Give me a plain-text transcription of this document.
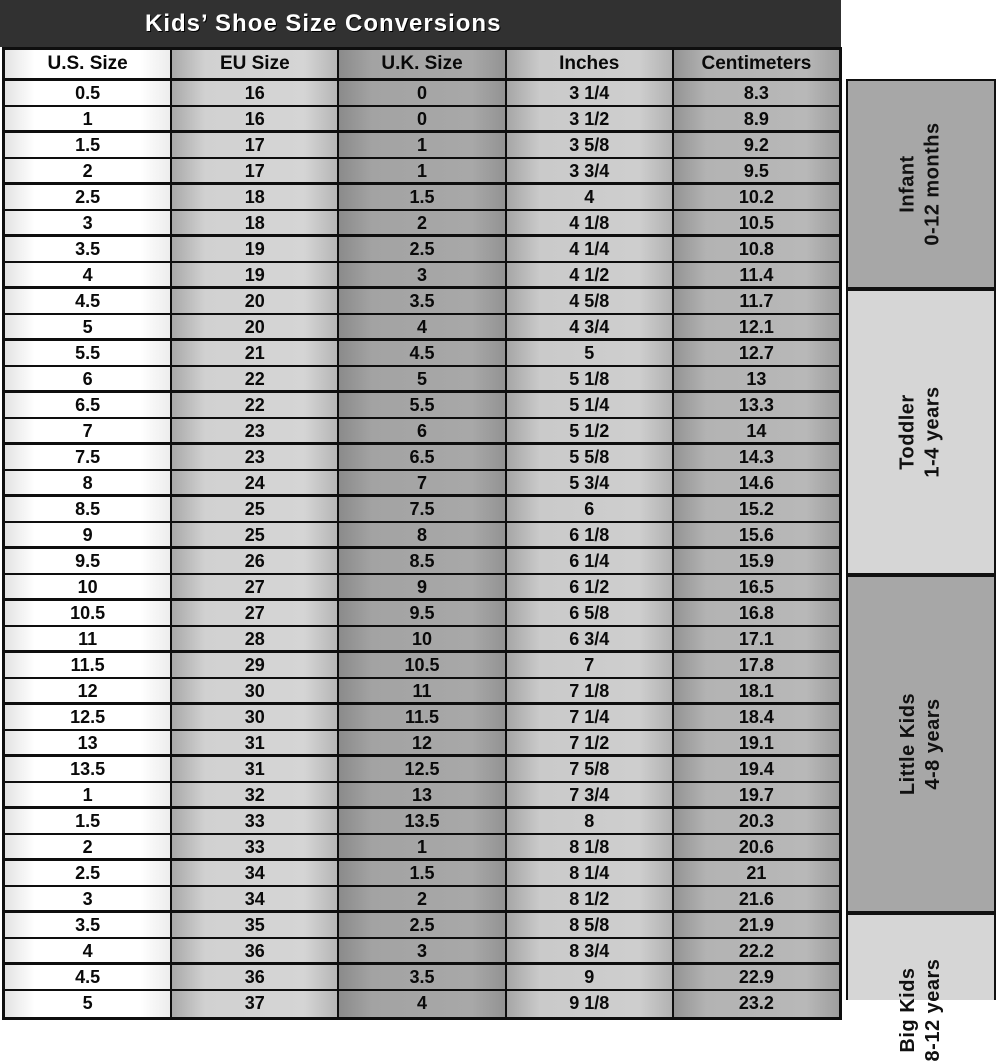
Kids’ Shoe Size Conversions
U.S. Size	EU Size	U.K. Size	Inches	Centimeters
0.5	16	0	3 1/4	8.3
1	16	0	3 1/2	8.9
1.5	17	1	3 5/8	9.2
2	17	1	3 3/4	9.5
2.5	18	1.5	4	10.2
3	18	2	4 1/8	10.5
3.5	19	2.5	4 1/4	10.8
4	19	3	4 1/2	11.4
4.5	20	3.5	4 5/8	11.7
5	20	4	4 3/4	12.1
5.5	21	4.5	5	12.7
6	22	5	5 1/8	13
6.5	22	5.5	5 1/4	13.3
7	23	6	5 1/2	14
7.5	23	6.5	5 5/8	14.3
8	24	7	5 3/4	14.6
8.5	25	7.5	6	15.2
9	25	8	6 1/8	15.6
9.5	26	8.5	6 1/4	15.9
10	27	9	6 1/2	16.5
10.5	27	9.5	6 5/8	16.8
11	28	10	6 3/4	17.1
11.5	29	10.5	7	17.8
12	30	11	7 1/8	18.1
12.5	30	11.5	7 1/4	18.4
13	31	12	7 1/2	19.1
13.5	31	12.5	7 5/8	19.4
1	32	13	7 3/4	19.7
1.5	33	13.5	8	20.3
2	33	1	8 1/8	20.6
2.5	34	1.5	8 1/4	21
3	34	2	8 1/2	21.6
3.5	35	2.5	8 5/8	21.9
4	36	3	8 3/4	22.2
4.5	36	3.5	9	22.9
5	37	4	9 1/8	23.2
Infant 0-12 months
Toddler 1-4 years
Little Kids 4-8 years
Big Kids 8-12 years
